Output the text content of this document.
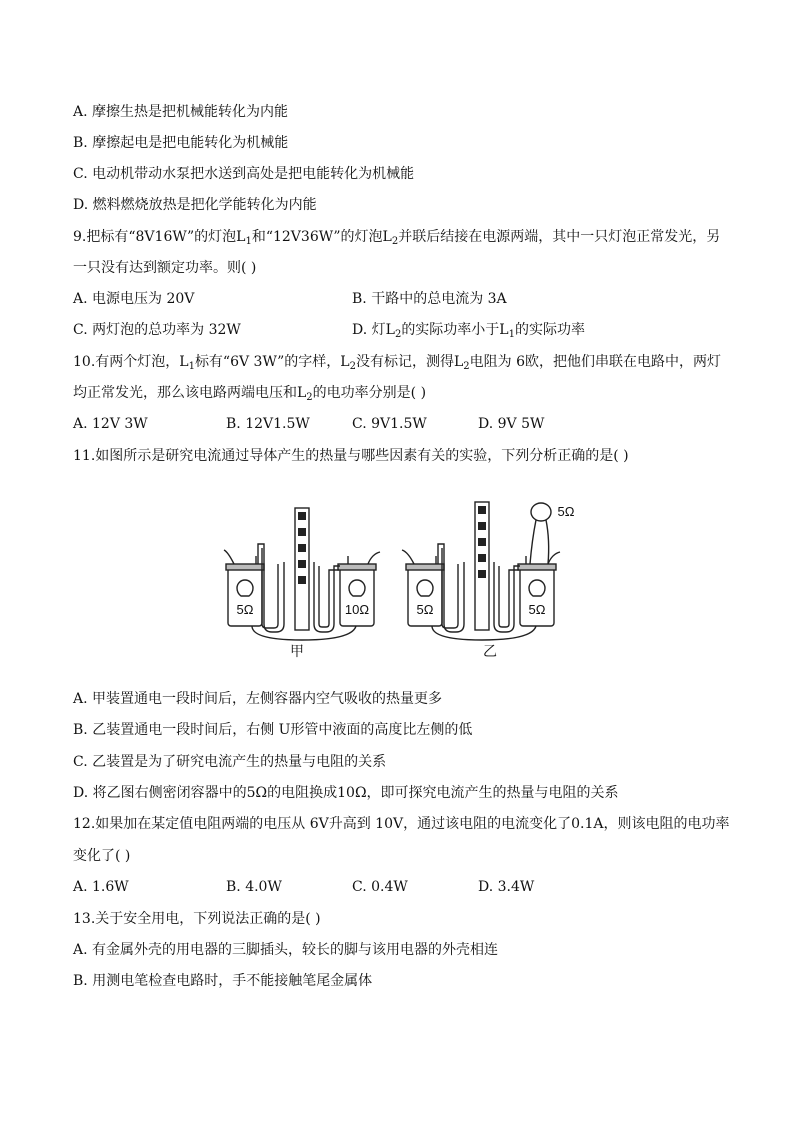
A. 摩擦生热是把机械能转化为内能
B. 摩擦起电是把电能转化为机械能
C. 电动机带动水泵把水送到高处是把电能转化为机械能
D. 燃料燃烧放热是把化学能转化为内能
9.把标有“8V16W”的灯泡$L_1$和“12V36W”的灯泡$L_2$并联后结接在电源两端，其中一只灯泡正常发光，另
一只没有达到额定功率。则( )
A. 电源电压为 20V	B. 干路中的总电流为 3A
C. 两灯泡的总功率为 32W	D. 灯$L_2$的实际功率小于$L_1$的实际功率
10.有两个灯泡，$L_1$标有“6V 3W”的字样，$L_2$没有标记，测得$L_2$电阻为 6欧，把他们串联在电路中，两灯
均正常发光，那么该电路两端电压和$L_2$的电功率分别是( )
A. 12V 3W	B. 12V1.5W	C. 9V1.5W	D. 9V 5W
11.如图所示是研究电流通过导体产生的热量与哪些因素有关的实验，下列分析正确的是( )
5Ω	10Ω
甲
5Ω	5Ω
5Ω
乙
A. 甲装置通电一段时间后，左侧容器内空气吸收的热量更多
B. 乙装置通电一段时间后，右侧 U形管中液面的高度比左侧的低
C. 乙装置是为了研究电流产生的热量与电阻的关系
D. 将乙图右侧密闭容器中的5Ω的电阻换成10Ω，即可探究电流产生的热量与电阻的关系
12.如果加在某定值电阻两端的电压从 6V升高到 10V，通过该电阻的电流变化了0.1A，则该电阻的电功率
变化了( )
A. 1.6W	B. 4.0W	C. 0.4W	D. 3.4W
13.关于安全用电，下列说法正确的是( )
A. 有金属外壳的用电器的三脚插头，较长的脚与该用电器的外壳相连
B. 用测电笔检查电路时，手不能接触笔尾金属体
